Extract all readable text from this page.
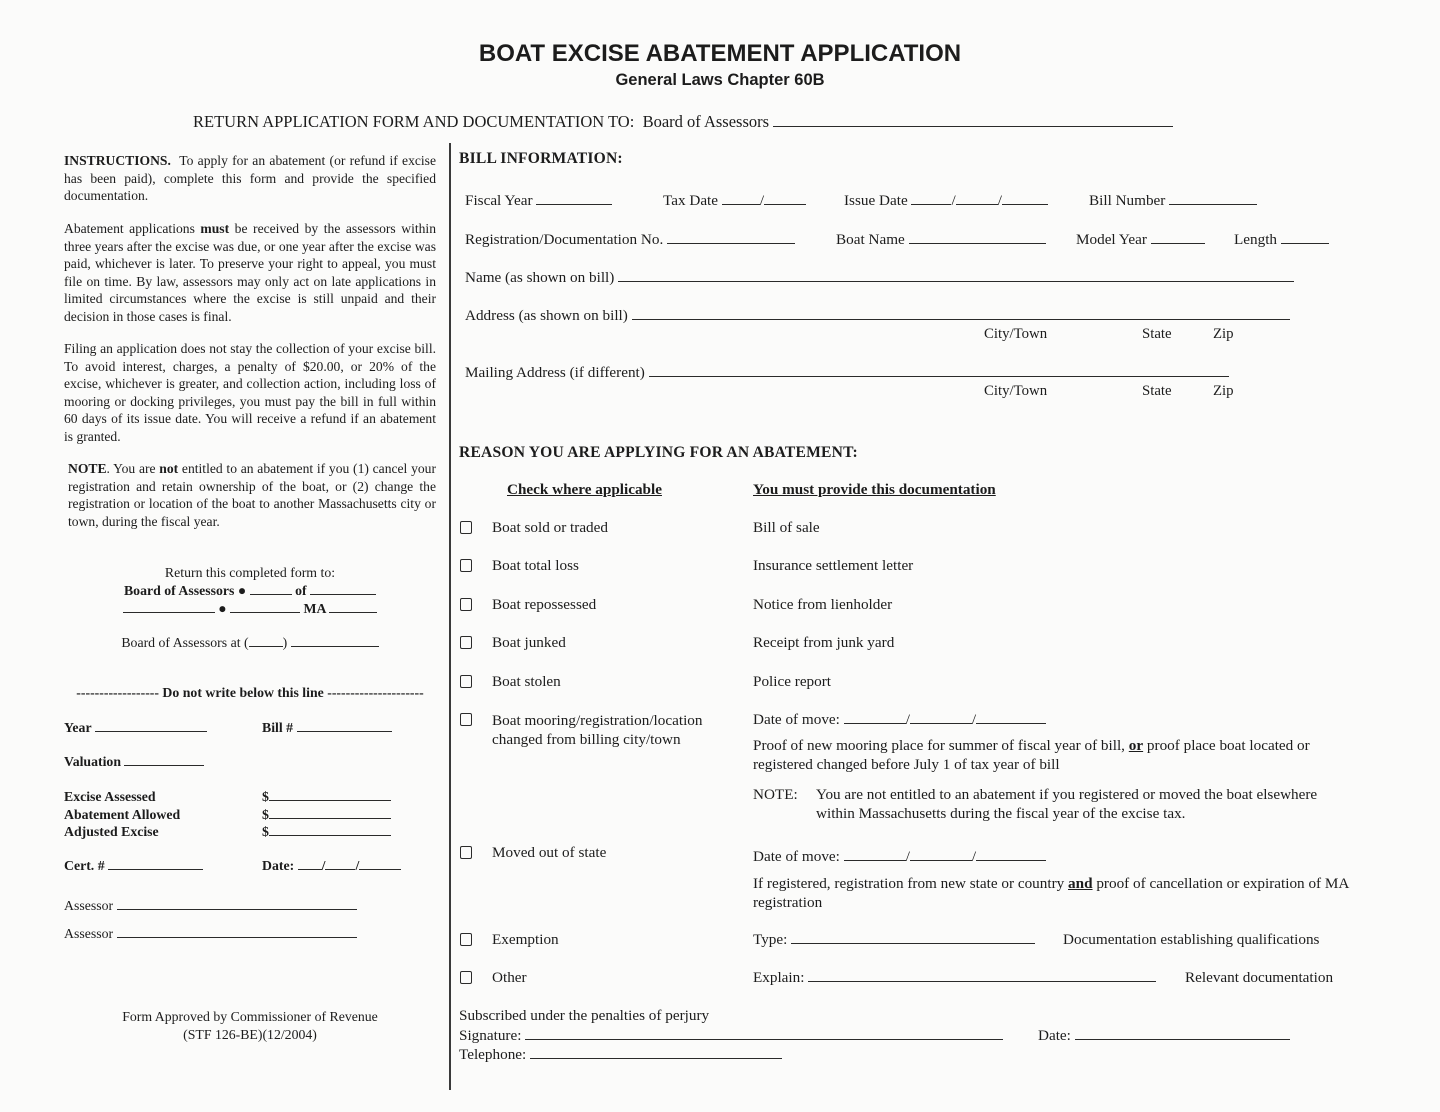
BOAT EXCISE ABATEMENT APPLICATION
General Laws Chapter 60B
RETURN APPLICATION FORM AND DOCUMENTATION TO: Board of Assessors
INSTRUCTIONS. To apply for an abatement (or refund if excise has been paid), complete this form and provide the specified documentation.
Abatement applications must be received by the assessors within three years after the excise was due, or one year after the excise was paid, whichever is later. To preserve your right to appeal, you must file on time. By law, assessors may only act on late applications in limited circumstances where the excise is still unpaid and their decision in those cases is final.
Filing an application does not stay the collection of your excise bill. To avoid interest, charges, a penalty of $20.00, or 20% of the excise, whichever is greater, and collection action, including loss of mooring or docking privileges, you must pay the bill in full within 60 days of its issue date. You will receive a refund if an abatement is granted.
NOTE. You are not entitled to an abatement if you (1) cancel your registration and retain ownership of the boat, or (2) change the registration or location of the boat to another Massachusetts city or town, during the fiscal year.
Return this completed form to:
Board of Assessors ●	of
●	MA
Board of Assessors at ( )
------------------ Do not write below this line ---------------------
Year	Bill #
Valuation
Excise Assessed	$
Abatement Allowed	$
Adjusted Excise	$
Cert. #	Date: / /
Assessor
Assessor
Form Approved by Commissioner of Revenue
(STF 126-BE)(12/2004)
BILL INFORMATION:
Fiscal Year	Tax Date	/	Issue Date	/	/	Bill Number
Registration/Documentation No.	Boat Name	Model Year	Length
Name (as shown on bill)
Address (as shown on bill)
City/Town	State	Zip
Mailing Address (if different)
City/Town	State	Zip
REASON YOU ARE APPLYING FOR AN ABATEMENT:
Check where applicable	You must provide this documentation
Boat sold or traded	Bill of sale
Boat total loss	Insurance settlement letter
Boat repossessed	Notice from lienholder
Boat junked	Receipt from junk yard
Boat stolen	Police report
Boat mooring/registration/location changed from billing city/town
Date of move:	/	/
Proof of new mooring place for summer of fiscal year of bill, or proof place boat located or registered changed before July 1 of tax year of bill
NOTE:	You are not entitled to an abatement if you registered or moved the boat elsewhere within Massachusetts during the fiscal year of the excise tax.
Moved out of state	Date of move:	/	/
If registered, registration from new state or country and proof of cancellation or expiration of MA registration
Exemption	Type:	Documentation establishing qualifications
Other	Explain:	Relevant documentation
Subscribed under the penalties of perjury
Signature:	Date:
Telephone:
